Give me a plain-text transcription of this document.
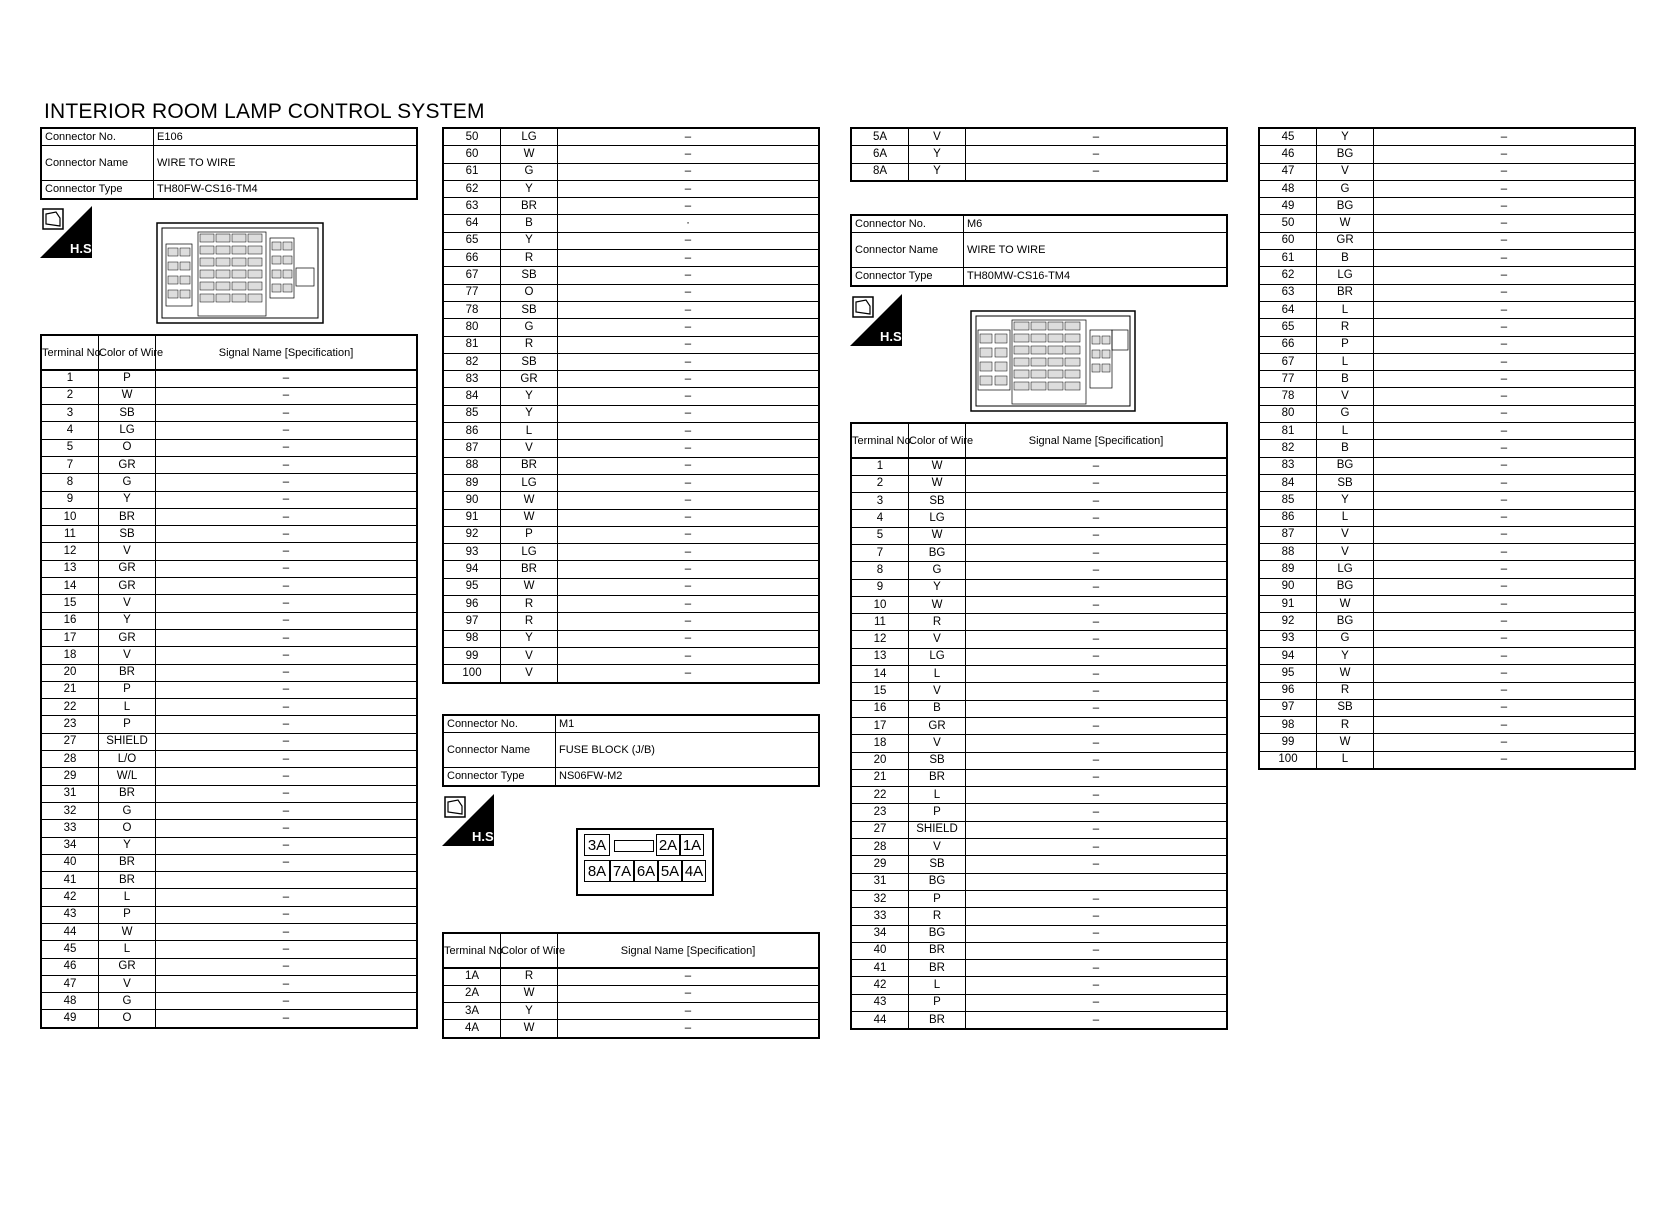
INTERIOR ROOM LAMP CONTROL SYSTEM
Connector No.	E106
Connector Name	WIRE TO WIRE
Connector Type	TH80FW-CS16-TM4
H.S.
Terminal No.	Color of Wire	Signal Name [Specification]
1	P	–
2	W	–
3	SB	–
4	LG	–
5	O	–
7	GR	–
8	G	–
9	Y	–
10	BR	–
11	SB	–
12	V	–
13	GR	–
14	GR	–
15	V	–
16	Y	–
17	GR	–
18	V	–
20	BR	–
21	P	–
22	L	–
23	P	–
27	SHIELD	–
28	L/O	–
29	W/L	–
31	BR	–
32	G	–
33	O	–
34	Y	–
40	BR	–
41	BR	
42	L	–
43	P	–
44	W	–
45	L	–
46	GR	–
47	V	–
48	G	–
49	O	–
50	LG	–
60	W	–
61	G	–
62	Y	–
63	BR	–
64	B	·
65	Y	–
66	R	–
67	SB	–
77	O	–
78	SB	–
80	G	–
81	R	–
82	SB	–
83	GR	–
84	Y	–
85	Y	–
86	L	–
87	V	–
88	BR	–
89	LG	–
90	W	–
91	W	–
92	P	–
93	LG	–
94	BR	–
95	W	–
96	R	–
97	R	–
98	Y	–
99	V	–
100	V	–
Connector No.	M1
Connector Name	FUSE BLOCK (J/B)
Connector Type	NS06FW-M2
H.S.
3A	2A 1A
8A 7A 6A 5A 4A
Terminal No.	Color of Wire	Signal Name [Specification]
1A	R	–
2A	W	–
3A	Y	–
4A	W	–
5A	V	–
6A	Y	–
8A	Y	–
Connector No.	M6
Connector Name	WIRE TO WIRE
Connector Type	TH80MW-CS16-TM4
H.S.
Terminal No.	Color of Wire	Signal Name [Specification]
1	W	–
2	W	–
3	SB	–
4	LG	–
5	W	–
7	BG	–
8	G	–
9	Y	–
10	W	–
11	R	–
12	V	–
13	LG	–
14	L	–
15	V	–
16	B	–
17	GR	–
18	V	–
20	SB	–
21	BR	–
22	L	–
23	P	–
27	SHIELD	–
28	V	–
29	SB	–
31	BG	
32	P	–
33	R	–
34	BG	–
40	BR	–
41	BR	–
42	L	–
43	P	–
44	BR	–
45	Y	–
46	BG	–
47	V	–
48	G	–
49	BG	–
50	W	–
60	GR	–
61	B	–
62	LG	–
63	BR	–
64	L	–
65	R	–
66	P	–
67	L	–
77	B	–
78	V	–
80	G	–
81	L	–
82	B	–
83	BG	–
84	SB	–
85	Y	–
86	L	–
87	V	–
88	V	–
89	LG	–
90	BG	–
91	W	–
92	BG	–
93	G	–
94	Y	–
95	W	–
96	R	–
97	SB	–
98	R	–
99	W	–
100	L	–
